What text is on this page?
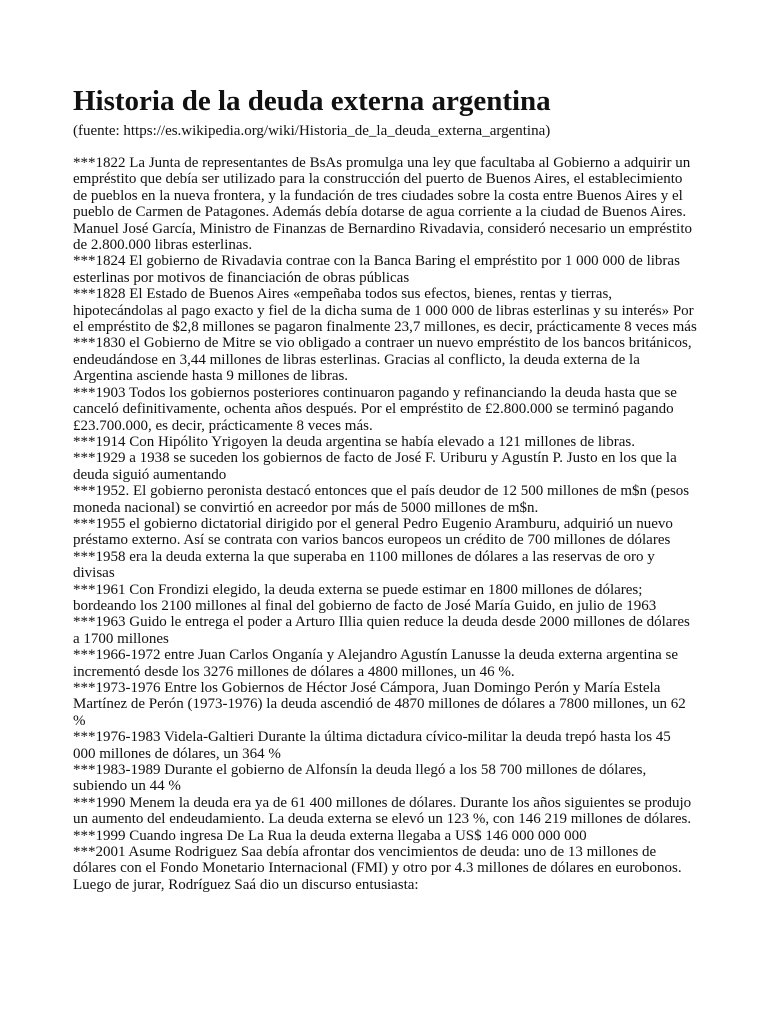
Historia de la deuda externa argentina

(fuente: https://es.wikipedia.org/wiki/Historia_de_la_deuda_externa_argentina)

***1822 La Junta de representantes de BsAs promulga una ley que facultaba al Gobierno a adquirir un empréstito que debía ser utilizado para la construcción del puerto de Buenos Aires, el establecimiento de pueblos en la nueva frontera, y la fundación de tres ciudades sobre la costa entre Buenos Aires y el pueblo de Carmen de Patagones. Además debía dotarse de agua corriente a la ciudad de Buenos Aires. Manuel José García, Ministro de Finanzas de Bernardino Rivadavia, consideró necesario un empréstito de 2.800.000 libras esterlinas.

***1824 El gobierno de Rivadavia contrae con la Banca Baring el empréstito por 1 000 000 de libras esterlinas por motivos de financiación de obras públicas

***1828 El Estado de Buenos Aires «empeñaba todos sus efectos, bienes, rentas y tierras, hipotecándolas al pago exacto y fiel de la dicha suma de 1 000 000 de libras esterlinas y su interés» Por el empréstito de $2,8 millones se pagaron finalmente 23,7 millones, es decir, prácticamente 8 veces más

***1830 el Gobierno de Mitre se vio obligado a contraer un nuevo empréstito de los bancos británicos, endeudándose en 3,44 millones de libras esterlinas. Gracias al conflicto, la deuda externa de la Argentina asciende hasta 9 millones de libras.

***1903 Todos los gobiernos posteriores continuaron pagando y refinanciando la deuda hasta que se canceló definitivamente, ochenta años después. Por el empréstito de £2.800.000 se terminó pagando £23.700.000, es decir, prácticamente 8 veces más.

***1914 Con Hipólito Yrigoyen la deuda argentina se había elevado a 121 millones de libras.

***1929 a 1938 se suceden los gobiernos de facto de José F. Uriburu y Agustín P. Justo en los que la deuda siguió aumentando

***1952. El gobierno peronista destacó entonces que el país deudor de 12 500 millones de m$n (pesos moneda nacional) se convirtió en acreedor por más de 5000 millones de m$n.

***1955 el gobierno dictatorial dirigido por el general Pedro Eugenio Aramburu, adquirió un nuevo préstamo externo. Así se contrata con varios bancos europeos un crédito de 700 millones de dólares

***1958 era la deuda externa la que superaba en 1100 millones de dólares a las reservas de oro y divisas

***1961 Con Frondizi elegido, la deuda externa se puede estimar en 1800 millones de dólares; bordeando los 2100 millones al final del gobierno de facto de José María Guido, en julio de 1963

***1963 Guido le entrega el poder a Arturo Illia quien reduce la deuda desde 2000 millones de dólares a 1700 millones

***1966-1972 entre Juan Carlos Onganía y Alejandro Agustín Lanusse la deuda externa argentina se incrementó desde los 3276 millones de dólares a 4800 millones, un 46 %.

***1973-1976 Entre los Gobiernos de Héctor José Cámpora, Juan Domingo Perón y María Estela Martínez de Perón (1973-1976) la deuda ascendió de 4870 millones de dólares a 7800 millones, un 62 %

***1976-1983 Videla-Galtieri Durante la última dictadura cívico-militar la deuda trepó hasta los 45 000 millones de dólares, un 364 %

***1983-1989 Durante el gobierno de Alfonsín la deuda llegó a los 58 700 millones de dólares, subiendo un 44 %

***1990 Menem la deuda era ya de 61 400 millones de dólares. Durante los años siguientes se produjo un aumento del endeudamiento. La deuda externa se elevó un 123 %, con 146 219 millones de dólares.

***1999 Cuando ingresa De La Rua la deuda externa llegaba a US$ 146 000 000 000

***2001 Asume Rodriguez Saa debía afrontar dos vencimientos de deuda: uno de 13 millones de dólares con el Fondo Monetario Internacional (FMI) y otro por 4.3 millones de dólares en eurobonos. Luego de jurar, Rodríguez Saá dio un discurso entusiasta:
